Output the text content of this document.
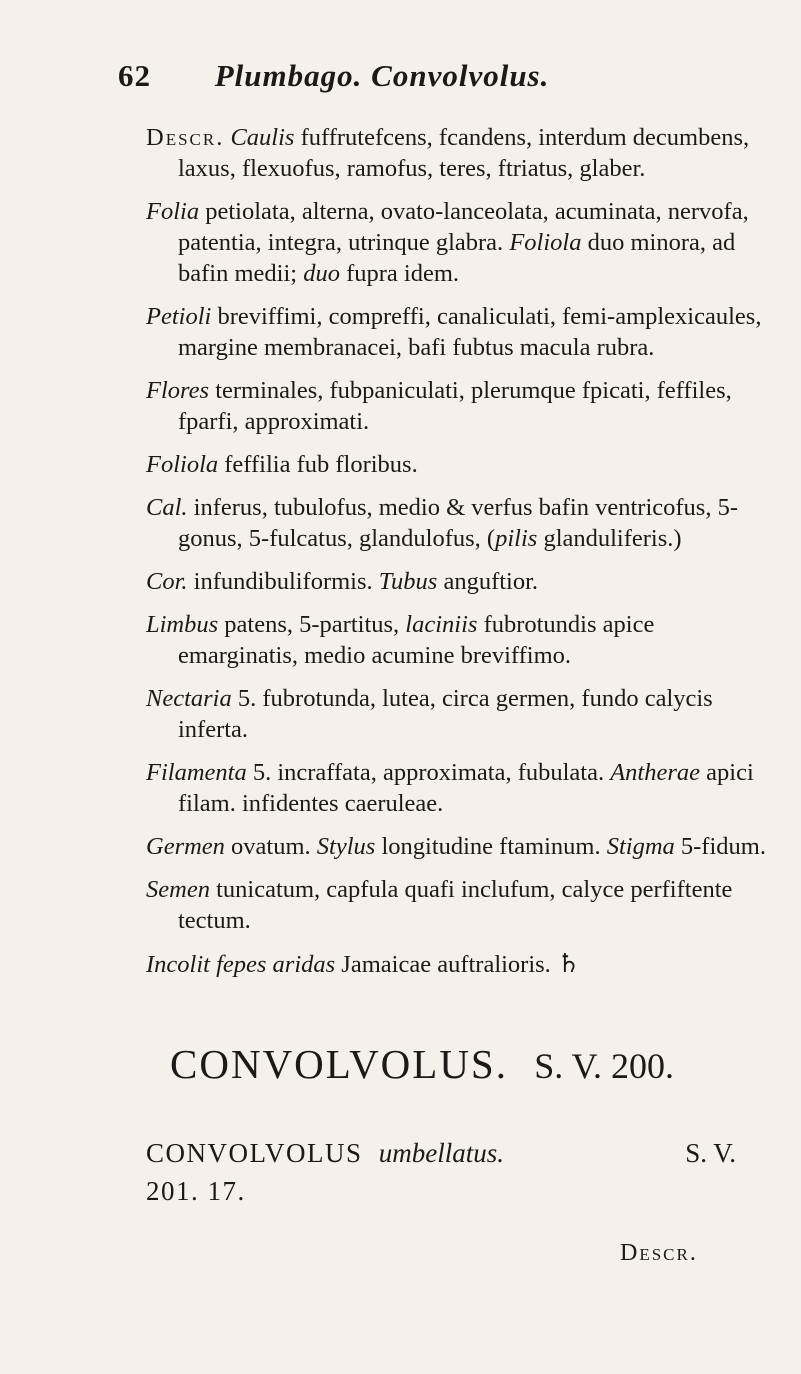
62 Plumbago. Convolvolus.

Descr. Caulis fuffrutefcens, fcandens, interdum decumbens, laxus, flexuofus, ramofus, teres, ftriatus, glaber.

Folia petiolata, alterna, ovato-lanceolata, acuminata, nervofa, patentia, integra, utrinque glabra. Foliola duo minora, ad bafin medii; duo fupra idem.

Petioli breviffimi, compreffi, canaliculati, femi-amplexicaules, margine membranacei, bafi fubtus macula rubra.

Flores terminales, fubpaniculati, plerumque fpicati, feffiles, fparfi, approximati.

Foliola feffilia fub floribus.

Cal. inferus, tubulofus, medio & verfus bafin ventricofus, 5-gonus, 5-fulcatus, glandulofus, (pilis glanduliferis.)

Cor. infundibuliformis. Tubus anguftior.

Limbus patens, 5-partitus, laciniis fubrotundis apice emarginatis, medio acumine breviffimo.

Nectaria 5. fubrotunda, lutea, circa germen, fundo calycis inferta.

Filamenta 5. incraffata, approximata, fubulata. Antherae apici filam. infidentes caeruleae.

Germen ovatum. Stylus longitudine ftaminum. Stigma 5-fidum.

Semen tunicatum, capfula quafi inclufum, calyce perfiftente tectum.

Incolit fepes aridas Jamaicae auftralioris. ♄

CONVOLVOLUS. S. V. 200.
CONVOLVOLUS umbellatus.	S. V.
201. 17.
Descr.
